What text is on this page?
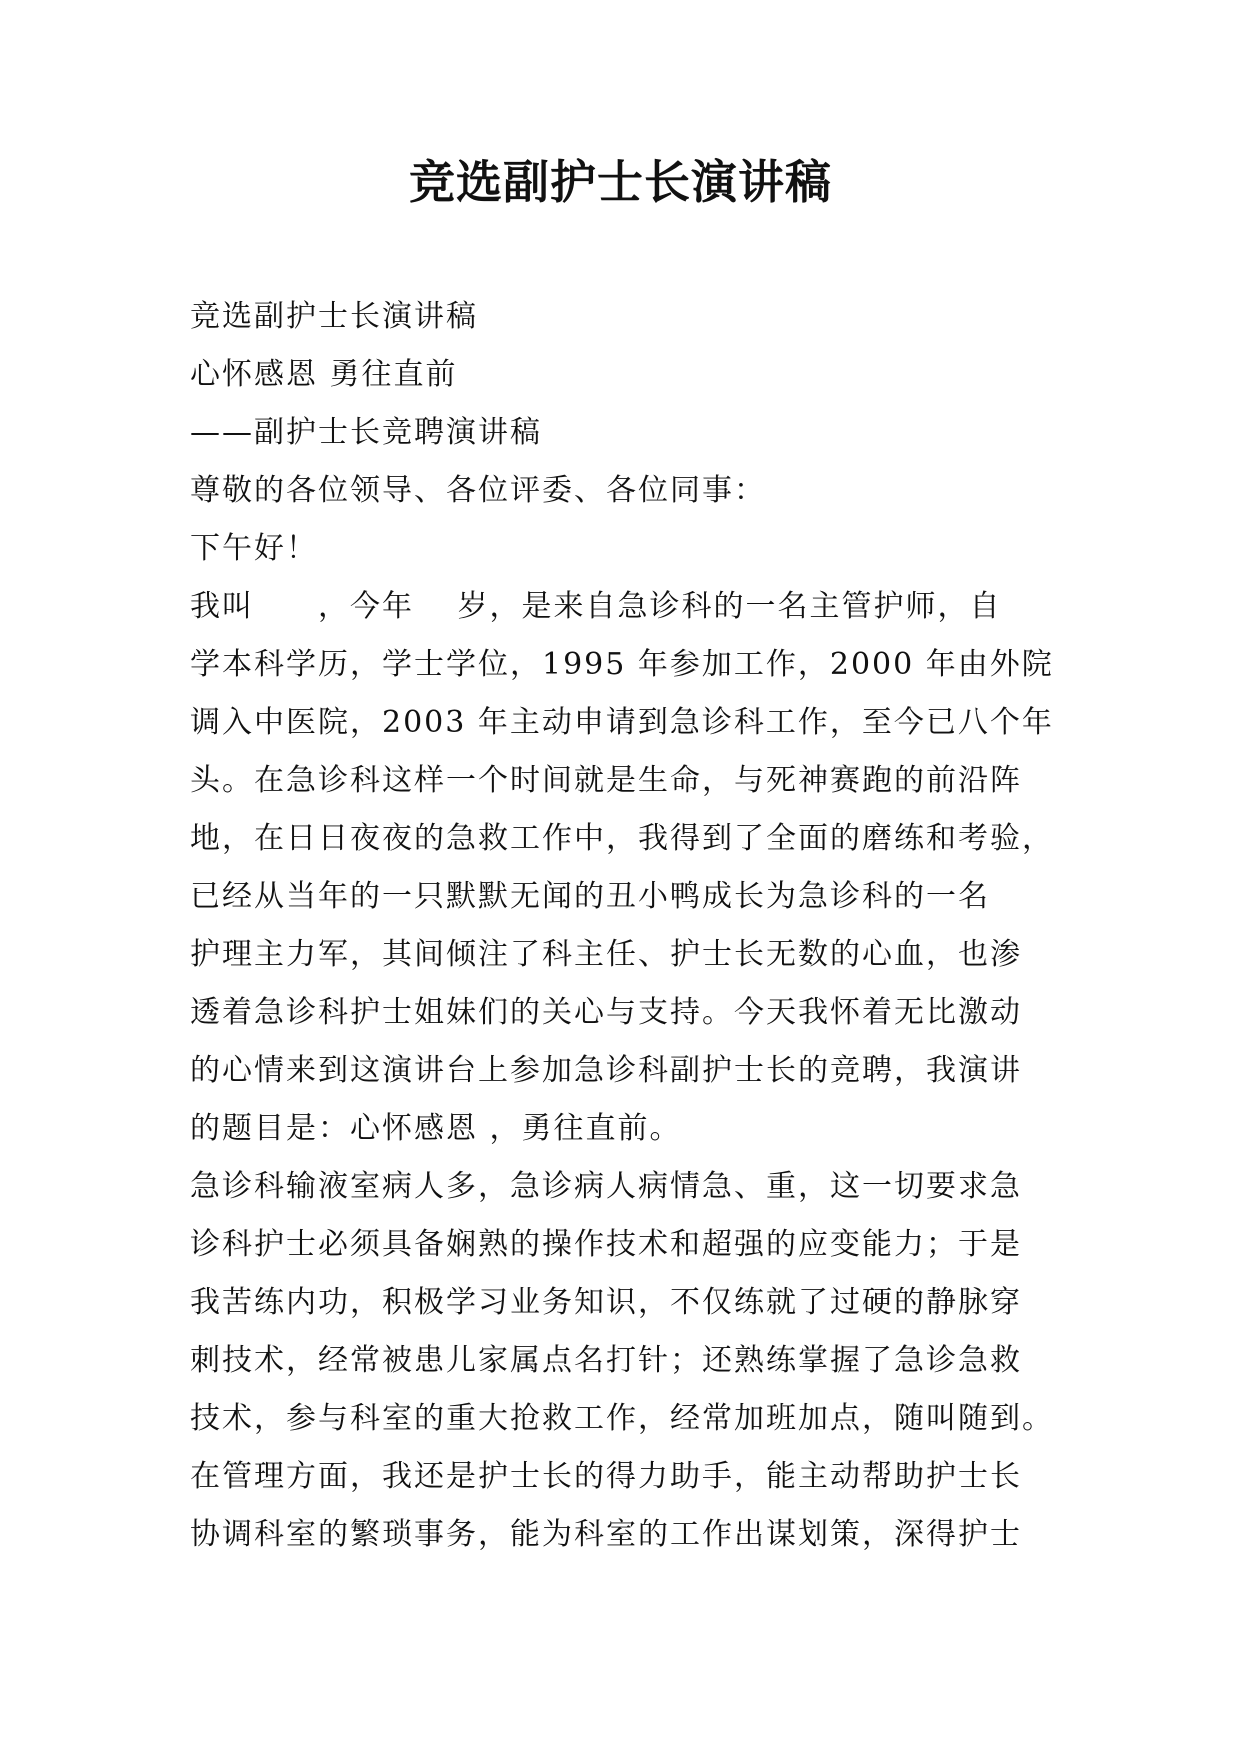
竞选副护士长演讲稿
竞选副护士长演讲稿
心怀感恩 勇往直前
——副护士长竞聘演讲稿
尊敬的各位领导、各位评委、各位同事：
下午好！
我叫　　，今年　 岁，是来自急诊科的一名主管护师，自
学本科学历，学士学位，1995 年参加工作，2000 年由外院
调入中医院，2003 年主动申请到急诊科工作，至今已八个年
头。在急诊科这样一个时间就是生命，与死神赛跑的前沿阵
地，在日日夜夜的急救工作中，我得到了全面的磨练和考验，
已经从当年的一只默默无闻的丑小鸭成长为急诊科的一名
护理主力军，其间倾注了科主任、护士长无数的心血，也渗
透着急诊科护士姐妹们的关心与支持。今天我怀着无比激动
的心情来到这演讲台上参加急诊科副护士长的竞聘，我演讲
的题目是：心怀感恩 ，勇往直前。
急诊科输液室病人多，急诊病人病情急、重，这一切要求急
诊科护士必须具备娴熟的操作技术和超强的应变能力；于是
我苦练内功，积极学习业务知识，不仅练就了过硬的静脉穿
刺技术，经常被患儿家属点名打针；还熟练掌握了急诊急救
技术，参与科室的重大抢救工作，经常加班加点，随叫随到。
在管理方面，我还是护士长的得力助手，能主动帮助护士长
协调科室的繁琐事务，能为科室的工作出谋划策，深得护士
